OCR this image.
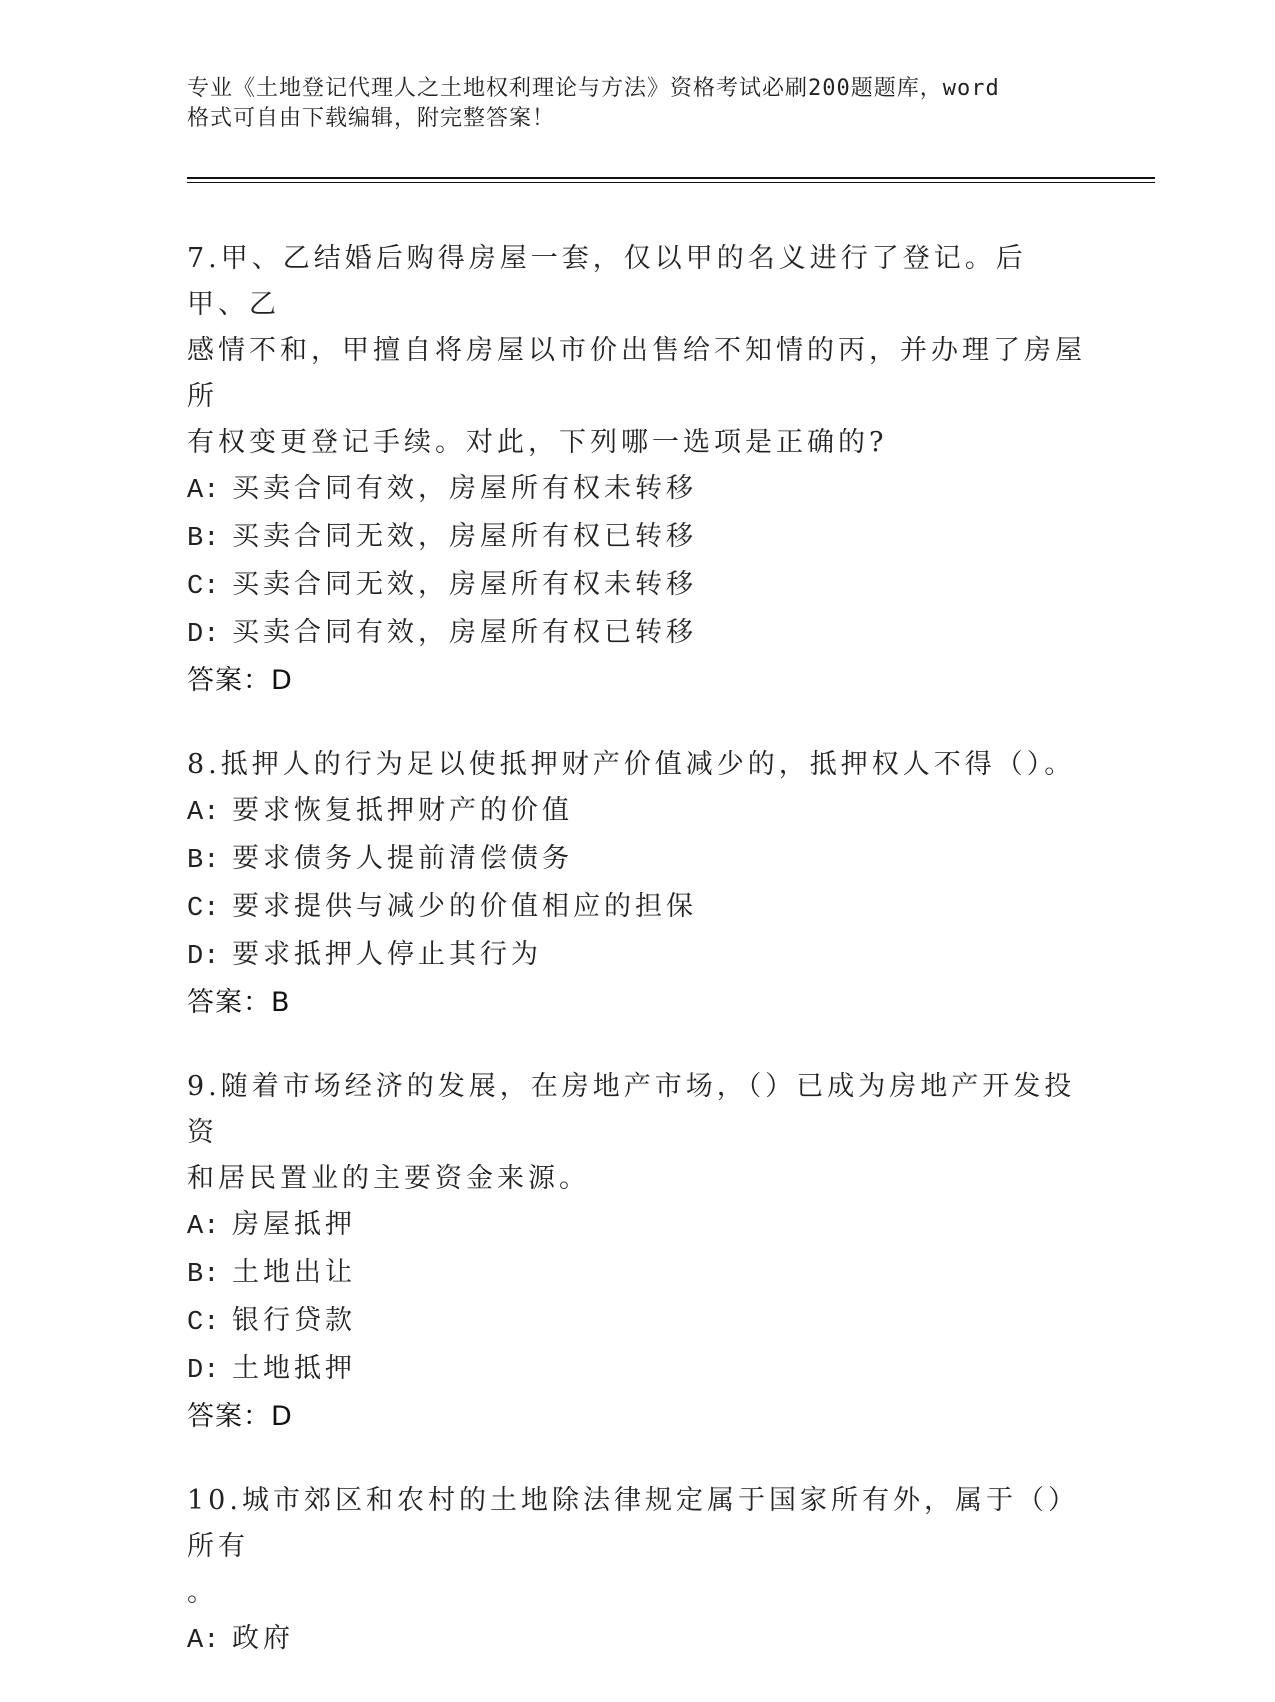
专业《土地登记代理人之土地权利理论与方法》资格考试必刷200题题库，word
格式可自由下载编辑，附完整答案！

7.甲、乙结婚后购得房屋一套，仅以甲的名义进行了登记。后甲、乙

感情不和，甲擅自将房屋以市价出售给不知情的丙，并办理了房屋所

有权变更登记手续。对此，下列哪一选项是正确的?

A: 买卖合同有效，房屋所有权未转移

B: 买卖合同无效，房屋所有权已转移

C: 买卖合同无效，房屋所有权未转移

D: 买卖合同有效，房屋所有权已转移

答案：D

8.抵押人的行为足以使抵押财产价值减少的，抵押权人不得（）。

A: 要求恢复抵押财产的价值

B: 要求债务人提前清偿债务

C: 要求提供与减少的价值相应的担保

D: 要求抵押人停止其行为

答案：B

9.随着市场经济的发展，在房地产市场，（）已成为房地产开发投资

和居民置业的主要资金来源。

A: 房屋抵押

B: 土地出让

C: 银行贷款

D: 土地抵押

答案：D

10.城市郊区和农村的土地除法律规定属于国家所有外，属于（）所有

。

A: 政府
